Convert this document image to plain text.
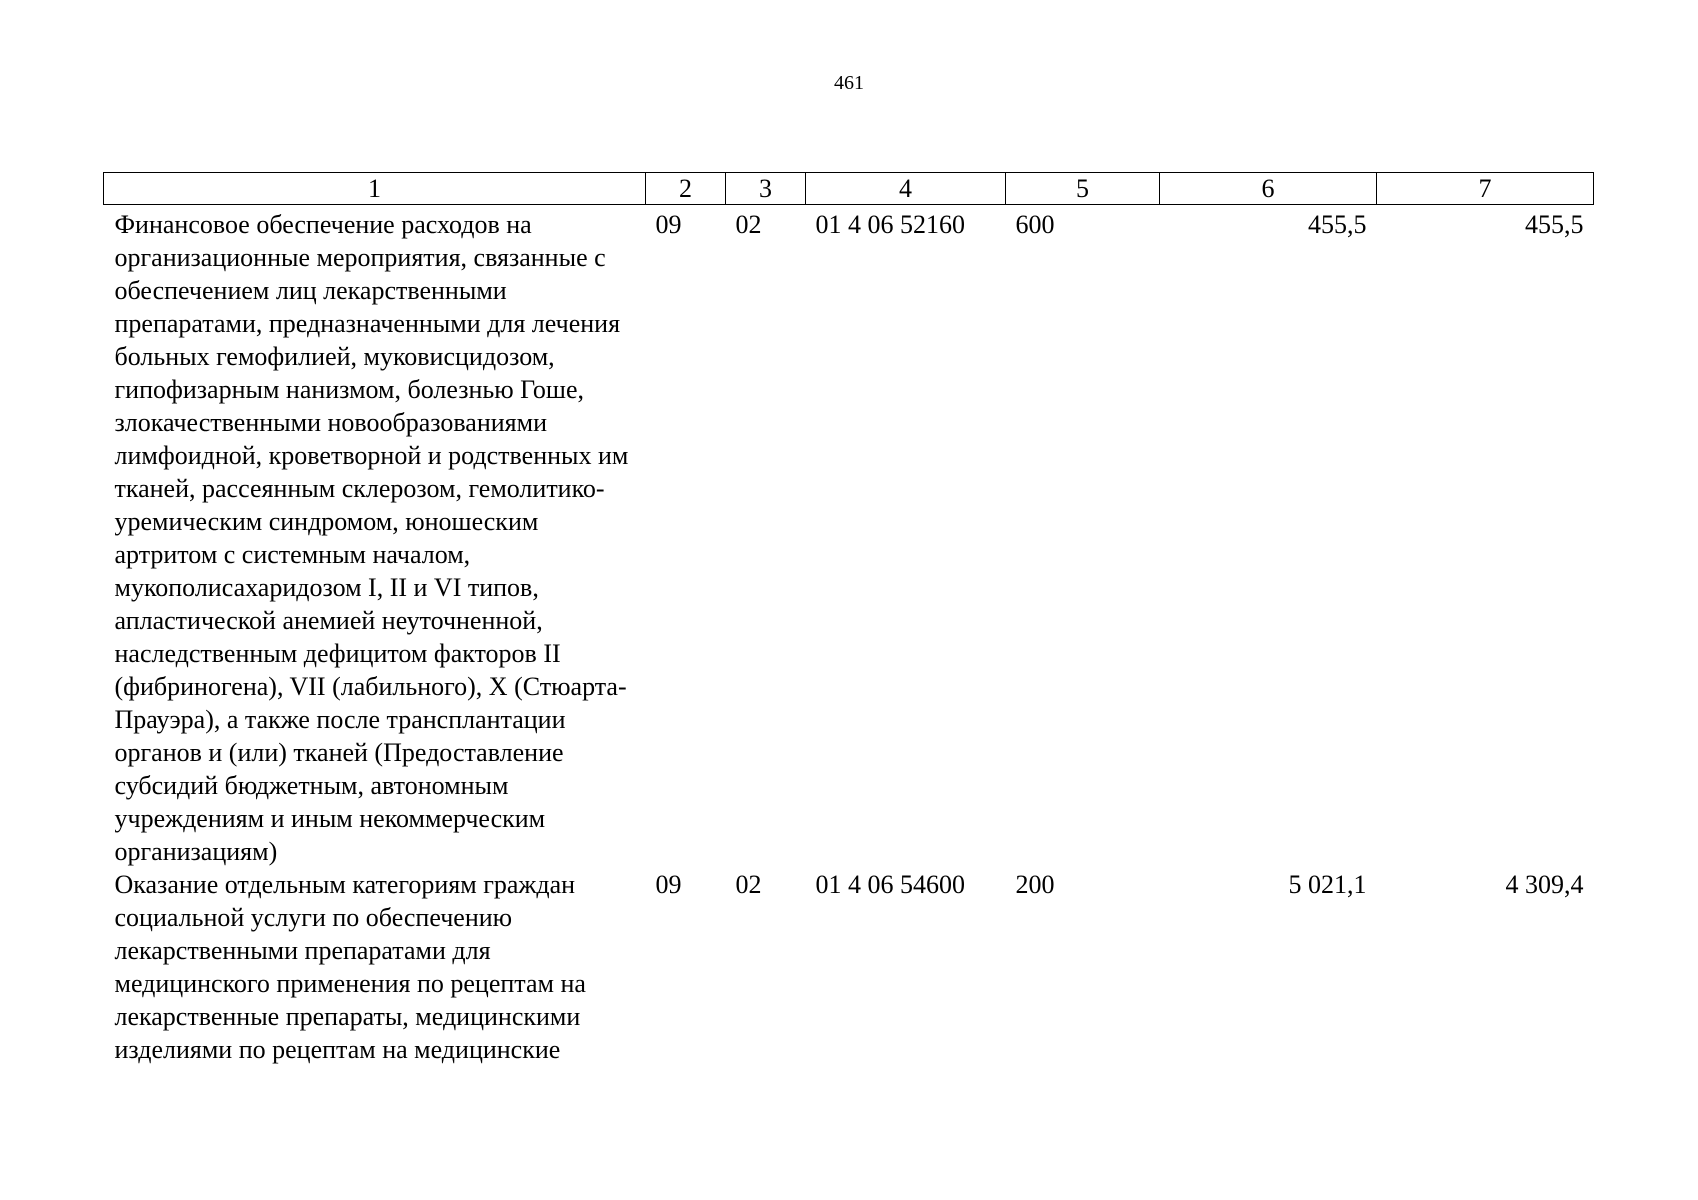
461
1	2	3	4	5	6	7
Финансовое обеспечение расходов на организационные мероприятия, связанные с обеспечением лиц лекарственными препаратами, предназначенными для лечения больных гемофилией, муковисцидозом, гипофизарным нанизмом, болезнью Гоше, злокачественными новообразованиями лимфоидной, кроветворной и родственных им тканей, рассеянным склерозом, гемолитико-уремическим синдромом, юношеским артритом с системным началом, мукополисахаридозом I, II и VI типов, апластической анемией неуточненной, наследственным дефицитом факторов II (фибриногена), VII (лабильного), X (Стюарта-Прауэра), а также после трансплантации органов и (или) тканей (Предоставление субсидий бюджетным, автономным учреждениям и иным некоммерческим организациям)	09	02	01 4 06 52160	600	455,5	455,5
Оказание отдельным категориям граждан социальной услуги по обеспечению лекарственными препаратами для медицинского применения по рецептам на лекарственные препараты, медицинскими изделиями по рецептам на медицинские	09	02	01 4 06 54600	200	5 021,1	4 309,4
